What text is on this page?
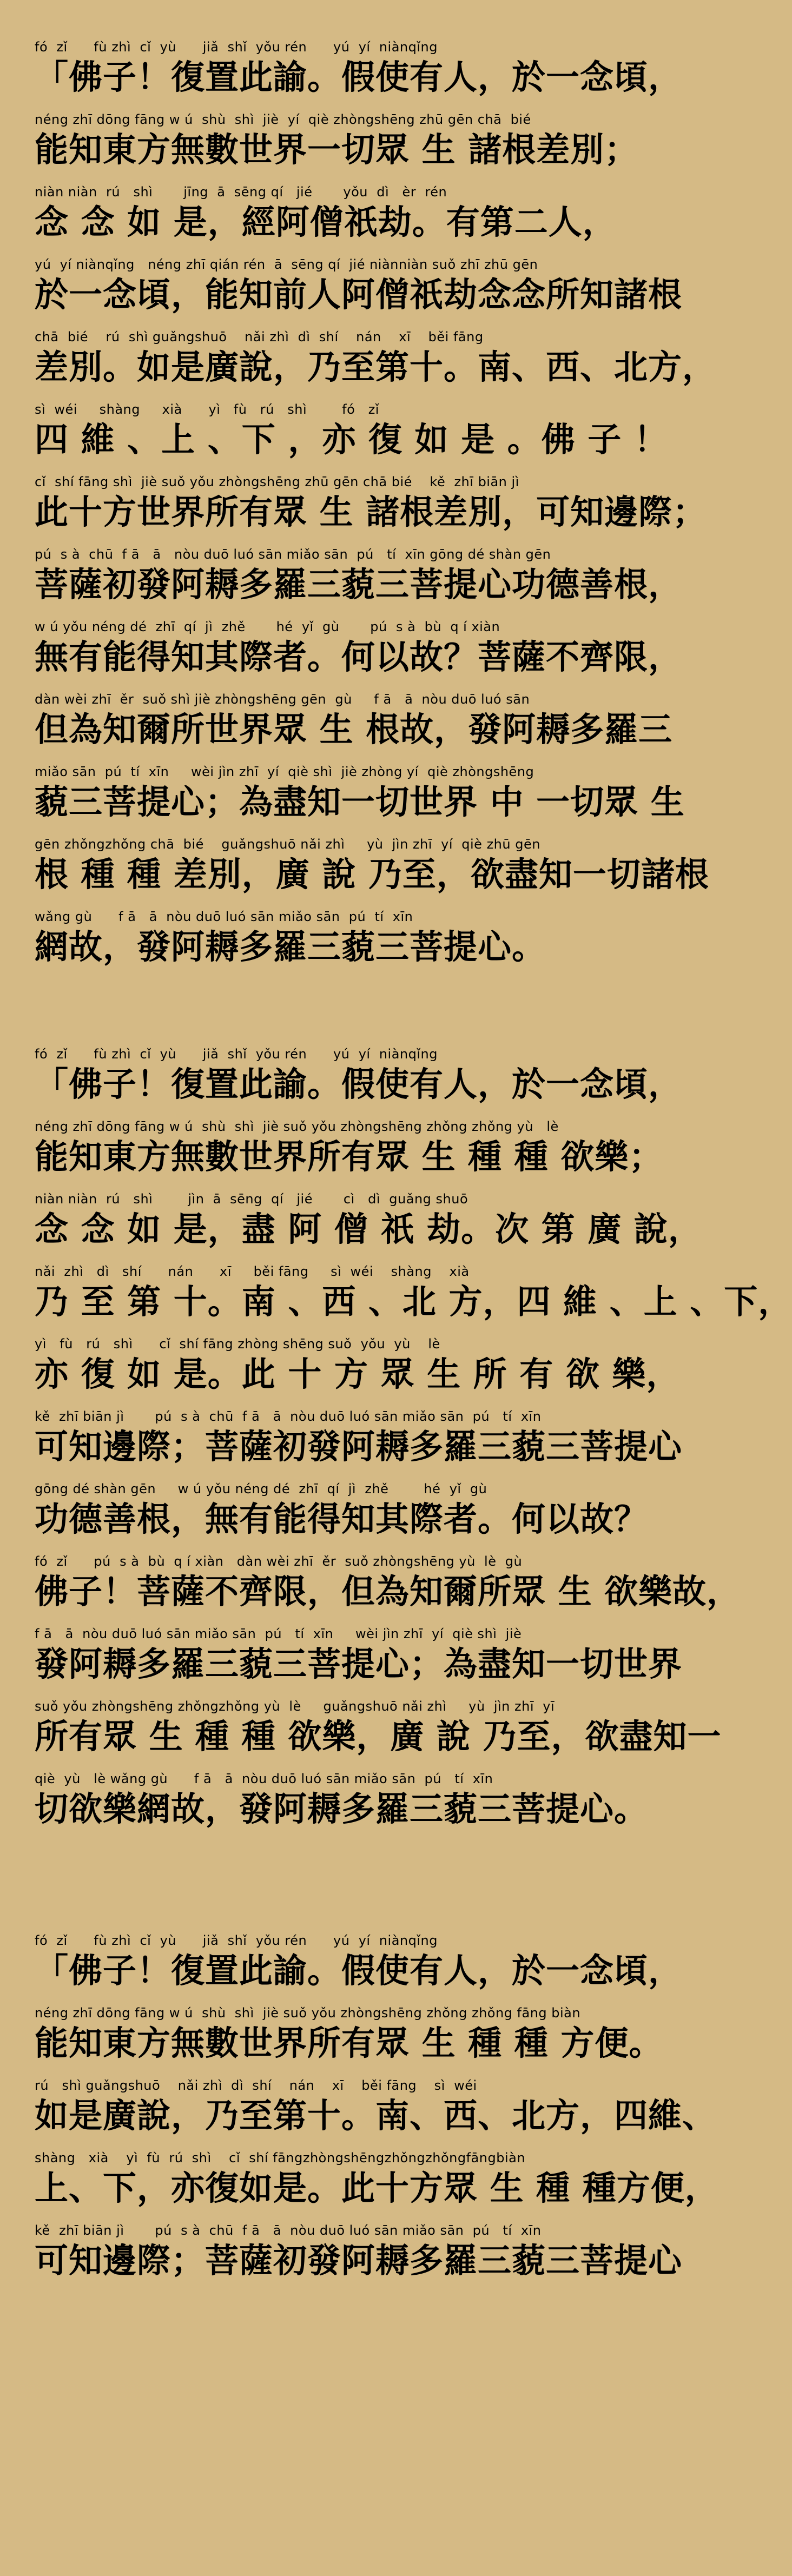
fó  zǐ      fù zhì  cǐ  yù      jiǎ  shǐ  yǒu rén      yú  yí  niànqǐng
「佛子！復置此諭。假使有人，於一念頃，
néng zhī dōng fāng w ú  shù  shì  jiè  yí  qiè zhòngshēng zhū gēn chā  bié
能知東方無數世界一切眾 生 諸根差別；
niàn niàn  rú   shì       jīng  ā  sēng qí   jié       yǒu  dì   èr  rén
念 念 如 是，經阿僧祇劫。有第二人，
yú  yí niànqǐng   néng zhī qián rén  ā  sēng qí  jié niànniàn suǒ zhī zhū gēn
於一念頃，能知前人阿僧祇劫念念所知諸根
chā  bié    rú  shì guǎngshuō    nǎi zhì  dì  shí    nán    xī    běi fāng
差別。如是廣說，乃至第十。南、西、北方，
sì  wéi     shàng     xià      yì   fù   rú   shì        fó   zǐ
四 維 、上 、下 ，亦 復 如 是 。佛 子 ！
cǐ  shí fāng shì  jiè suǒ yǒu zhòngshēng zhū gēn chā bié    kě  zhī biān jì
此十方世界所有眾 生 諸根差別，可知邊際；
pú  s à  chū  f ā   ā   nòu duō luó sān miǎo sān  pú   tí  xīn gōng dé shàn gēn
菩薩初發阿耨多羅三藐三菩提心功德善根，
w ú yǒu néng dé  zhī  qí  jì  zhě       hé  yǐ  gù       pú  s à  bù  q í xiàn
無有能得知其際者。何以故？菩薩不齊限，
dàn wèi zhī  ěr  suǒ shì jiè zhòngshēng gēn  gù     f ā   ā  nòu duō luó sān
但為知爾所世界眾 生 根故，發阿耨多羅三
miǎo sān  pú  tí  xīn     wèi jìn zhī  yí  qiè shì  jiè zhòng yí  qiè zhòngshēng
藐三菩提心；為盡知一切世界 中 一切眾 生
gēn zhǒngzhǒng chā  bié    guǎngshuō nǎi zhì     yù  jìn zhī  yí  qiè zhū gēn
根 種 種 差別，廣 說 乃至，欲盡知一切諸根
wǎng gù      f ā   ā  nòu duō luó sān miǎo sān  pú  tí  xīn
網故，發阿耨多羅三藐三菩提心。
fó  zǐ      fù zhì  cǐ  yù      jiǎ  shǐ  yǒu rén      yú  yí  niànqǐng
「佛子！復置此諭。假使有人，於一念頃，
néng zhī dōng fāng w ú  shù  shì  jiè suǒ yǒu zhòngshēng zhǒng zhǒng yù   lè
能知東方無數世界所有眾 生 種 種 欲樂；
niàn niàn  rú   shì        jìn  ā  sēng  qí   jié       cì   dì  guǎng shuō
念 念 如 是，盡 阿 僧 祇 劫。次 第 廣 說，
nǎi  zhì   dì   shí      nán      xī     běi fāng     sì  wéi    shàng    xià
乃 至 第 十。南 、西 、北 方，四 維 、上 、下，
yì   fù   rú   shì      cǐ  shí fāng zhòng shēng suǒ  yǒu  yù    lè
亦 復 如 是。此 十 方 眾 生 所 有 欲 樂，
kě  zhī biān jì       pú  s à  chū  f ā   ā  nòu duō luó sān miǎo sān  pú   tí  xīn
可知邊際；菩薩初發阿耨多羅三藐三菩提心
gōng dé shàn gēn     w ú yǒu néng dé  zhī  qí  jì  zhě        hé  yǐ  gù
功德善根，無有能得知其際者。何以故？
fó  zǐ      pú  s à  bù  q í xiàn   dàn wèi zhī  ěr  suǒ zhòngshēng yù  lè  gù
佛子！菩薩不齊限，但為知爾所眾 生 欲樂故，
f ā   ā  nòu duō luó sān miǎo sān  pú   tí  xīn     wèi jìn zhī  yí  qiè shì  jiè
發阿耨多羅三藐三菩提心；為盡知一切世界
suǒ yǒu zhòngshēng zhǒngzhǒng yù  lè     guǎngshuō nǎi zhì     yù  jìn zhī  yī
所有眾 生 種 種 欲樂，廣 說 乃至，欲盡知一
qiè  yù   lè wǎng gù      f ā   ā  nòu duō luó sān miǎo sān  pú   tí  xīn
切欲樂網故，發阿耨多羅三藐三菩提心。
fó  zǐ      fù zhì  cǐ  yù      jiǎ  shǐ  yǒu rén      yú  yí  niànqǐng
「佛子！復置此諭。假使有人，於一念頃，
néng zhī dōng fāng w ú  shù  shì  jiè suǒ yǒu zhòngshēng zhǒng zhǒng fāng biàn
能知東方無數世界所有眾 生 種 種 方便。
rú   shì guǎngshuō    nǎi zhì  dì  shí    nán    xī    běi fāng    sì  wéi
如是廣說，乃至第十。南、西、北方，四維、
shàng   xià    yì  fù  rú  shì    cǐ  shí fāngzhòngshēngzhǒngzhǒngfāngbiàn
上、下，亦復如是。此十方眾 生 種 種方便，
kě  zhī biān jì       pú  s à  chū  f ā   ā  nòu duō luó sān miǎo sān  pú   tí  xīn
可知邊際；菩薩初發阿耨多羅三藐三菩提心
